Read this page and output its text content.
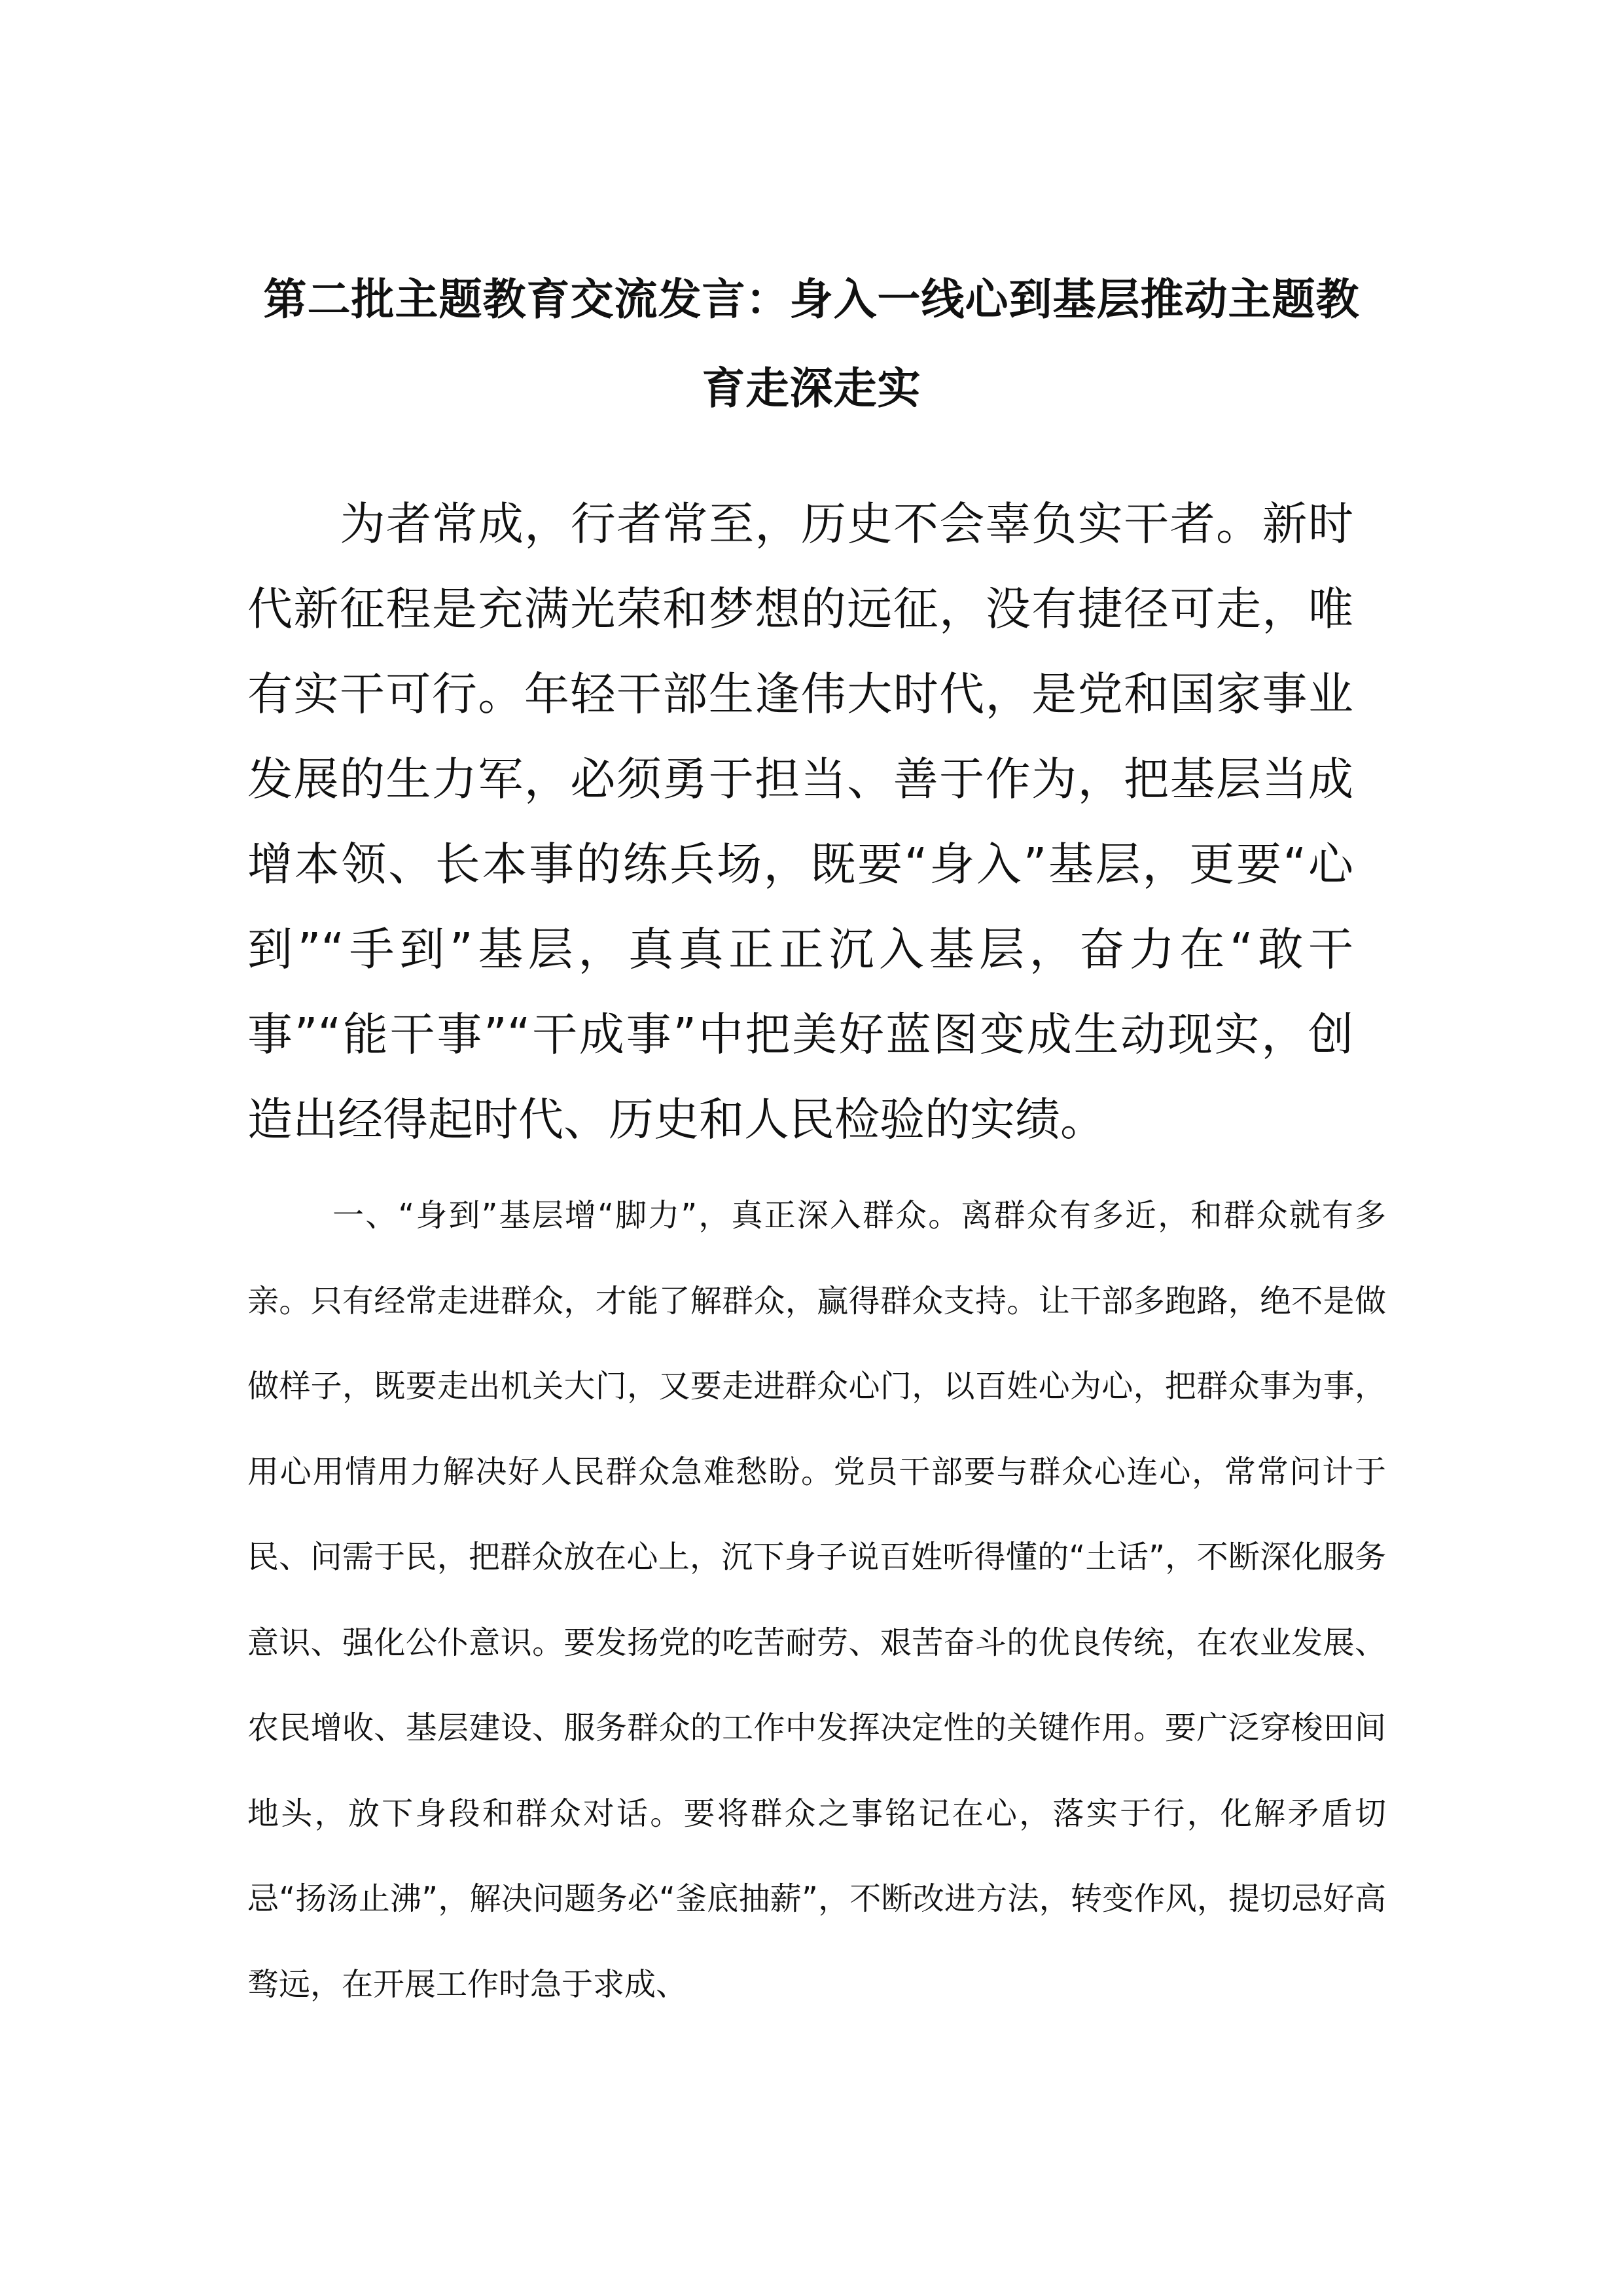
第二批主题教育交流发言：身入一线心到基层推动主题教
育走深走实

为者常成，行者常至，历史不会辜负实干者。新时代新征程是充满光荣和梦想的远征，没有捷径可走，唯有实干可行。年轻干部生逢伟大时代，是党和国家事业发展的生力军，必须勇于担当、善于作为，把基层当成增本领、长本事的练兵场，既要“身入”基层，更要“心到”“手到”基层，真真正正沉入基层，奋力在“敢干事”“能干事”“干成事”中把美好蓝图变成生动现实，创造出经得起时代、历史和人民检验的实绩。

一、“身到”基层增“脚力”，真正深入群众。离群众有多近，和群众就有多亲。只有经常走进群众，才能了解群众，赢得群众支持。让干部多跑路，绝不是做做样子，既要走出机关大门，又要走进群众心门，以百姓心为心，把群众事为事，用心用情用力解决好人民群众急难愁盼。党员干部要与群众心连心，常常问计于民、问需于民，把群众放在心上，沉下身子说百姓听得懂的“土话”，不断深化服务意识、强化公仆意识。要发扬党的吃苦耐劳、艰苦奋斗的优良传统，在农业发展、农民增收、基层建设、服务群众的工作中发挥决定性的关键作用。要广泛穿梭田间地头，放下身段和群众对话。要将群众之事铭记在心，落实于行，化解矛盾切忌“扬汤止沸”，解决问题务必“釜底抽薪”，不断改进方法，转变作风，提切忌好高骛远，在开展工作时急于求成、
